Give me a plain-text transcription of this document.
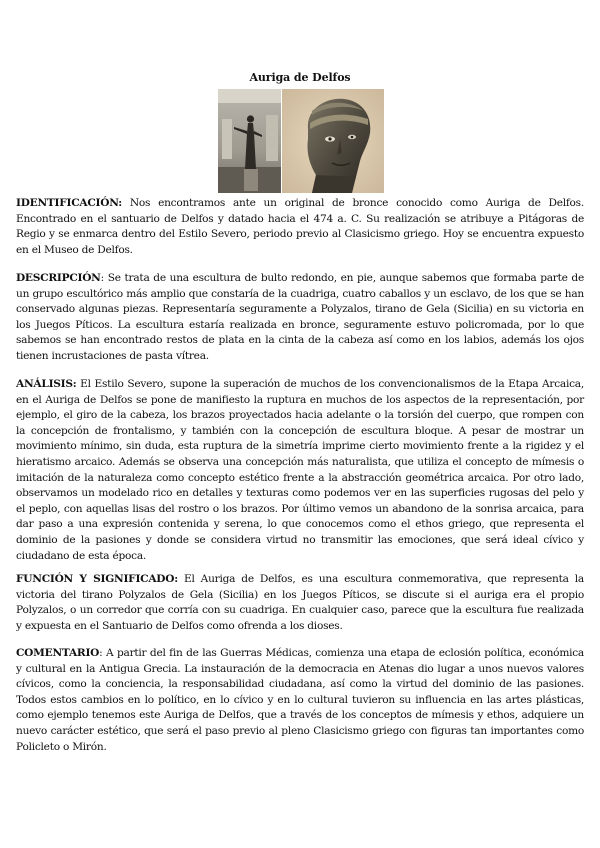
Auriga de Delfos

IDENTIFICACIÓN: Nos encontramos ante un original de bronce conocido como Auriga de Delfos. Encontrado en el santuario de Delfos y datado hacia el 474 a. C. Su realización se atribuye a Pitágoras de Regio y se enmarca dentro del Estilo Severo, periodo previo al Clasicismo griego. Hoy se encuentra expuesto en el Museo de Delfos.

DESCRIPCIÓN: Se trata de una escultura de bulto redondo, en pie, aunque sabemos que formaba parte de un grupo escultórico más amplio que constaría de la cuadriga, cuatro caballos y un esclavo, de los que se han conservado algunas piezas. Representaría seguramente a Polyzalos, tirano de Gela (Sicilia) en su victoria en los Juegos Píticos. La escultura estaría realizada en bronce, seguramente estuvo policromada, por lo que sabemos se han encontrado restos de plata en la cinta de la cabeza así como en los labios, además los ojos tienen incrustaciones de pasta vítrea.

ANÁLISIS: El Estilo Severo, supone la superación de muchos de los convencionalismos de la Etapa Arcaica, en el Auriga de Delfos se pone de manifiesto la ruptura en muchos de los aspectos de la representación, por ejemplo, el giro de la cabeza, los brazos proyectados hacia adelante o la torsión del cuerpo, que rompen con la concepción de frontalismo, y también con la concepción de escultura bloque. A pesar de mostrar un movimiento mínimo, sin duda, esta ruptura de la simetría imprime cierto movimiento frente a la rigidez y el hieratismo arcaico. Además se observa una concepción más naturalista, que utiliza el concepto de mímesis o imitación de la naturaleza como concepto estético frente a la abstracción geométrica arcaica. Por otro lado, observamos un modelado rico en detalles y texturas como podemos ver en las superficies rugosas del pelo y el peplo, con aquellas lisas del rostro o los brazos. Por último vemos un abandono de la sonrisa arcaica, para dar paso a una expresión contenida y serena, lo que conocemos como el ethos griego, que representa el dominio de la pasiones y donde se considera virtud no transmitir las emociones, que será ideal cívico y ciudadano de esta época.

FUNCIÓN Y SIGNIFICADO: El Auriga de Delfos, es una escultura conmemorativa, que representa la victoria del tirano Polyzalos de Gela (Sicilia) en los Juegos Píticos, se discute si el auriga era el propio Polyzalos, o un corredor que corría con su cuadriga. En cualquier caso, parece que la escultura fue realizada y expuesta en el Santuario de Delfos como ofrenda a los dioses.

COMENTARIO: A partir del fin de las Guerras Médicas, comienza una etapa de eclosión política, económica y cultural en la Antigua Grecia. La instauración de la democracia en Atenas dio lugar a unos nuevos valores cívicos, como la conciencia, la responsabilidad ciudadana, así como la virtud del dominio de las pasiones. Todos estos cambios en lo político, en lo cívico y en lo cultural tuvieron su influencia en las artes plásticas, como ejemplo tenemos este Auriga de Delfos, que a través de los conceptos de mímesis y ethos, adquiere un nuevo carácter estético, que será el paso previo al pleno Clasicismo griego con figuras tan importantes como Policleto o Mirón.
